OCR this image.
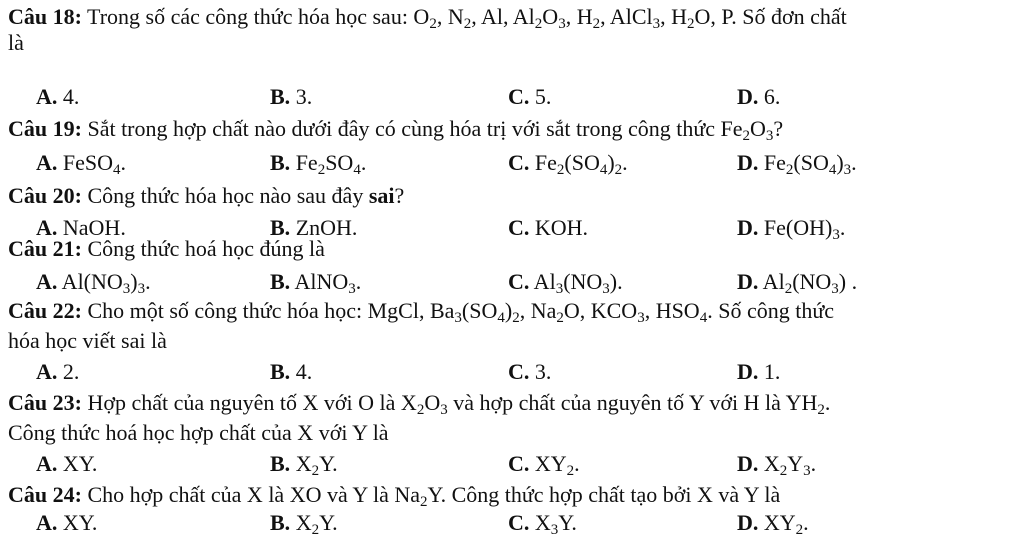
Câu 18: Trong số các công thức hóa học sau: $O_2$, $N_2$, Al, $Al_2O_3$, $H_2$, AlCl$_3$, $H_2O$, P. Số đơn chất
là
A. 4.	B. 3.	C. 5.	D. 6.
Câu 19: Sắt trong hợp chất nào dưới đây có cùng hóa trị với sắt trong công thức $Fe_2O_3$?
A. FeSO$_4$.	B. $Fe_2SO_4$.	C. $Fe_2(SO_4)_2$.	D. $Fe_2(SO_4)_3$.
Câu 20: Công thức hóa học nào sau đây sai?
A. NaOH.	B. ZnOH.	C. KOH.	D. $Fe(OH)_3$.
Câu 21: Công thức hoá học đúng là
A. $Al(NO_3)_3$.	B. AlNO$_3$.	C. $Al_3(NO_3)$.	D. $Al_2(NO_3)$ .
Câu 22: Cho một số công thức hóa học: MgCl, $Ba_3(SO_4)_2$, $Na_2O$, $KCO_3$, $HSO_4$. Số công thức
hóa học viết sai là
A. 2.	B. 4.	C. 3.	D. 1.
Câu 23: Hợp chất của nguyên tố X với O là $X_2O_3$ và hợp chất của nguyên tố Y với H là $YH_2$.
Công thức hoá học hợp chất của X với Y là
A. XY.	B. $X_2Y$.	C. $XY_2$.	D. $X_2Y_3$.
Câu 24: Cho hợp chất của X là XO và Y là $Na_2Y$. Công thức hợp chất tạo bởi X và Y là
A. XY.	B. $X_2Y$.	C. $X_3Y$.	D. $XY_2$.
